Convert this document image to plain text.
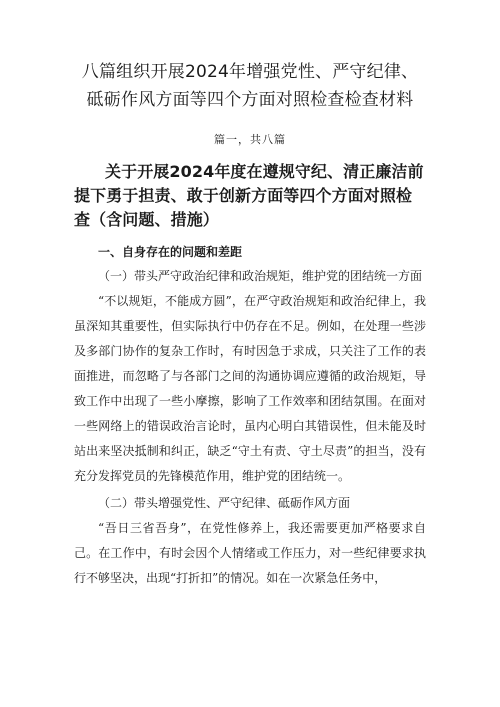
八篇组织开展2024年增强党性、严守纪律、砥砺作风方面等四个方面对照检查检查材料
篇一，共八篇
关于开展2024年度在遵规守纪、清正廉洁前提下勇于担责、敢于创新方面等四个方面对照检查（含问题、措施）
一、自身存在的问题和差距

（一）带头严守政治纪律和政治规矩，维护党的团结统一方面

“不以规矩，不能成方圆”，在严守政治规矩和政治纪律上，我虽深知其重要性，但实际执行中仍存在不足。例如，在处理一些涉及多部门协作的复杂工作时，有时因急于求成，只关注了工作的表面推进，而忽略了与各部门之间的沟通协调应遵循的政治规矩，导致工作中出现了一些小摩擦，影响了工作效率和团结氛围。在面对一些网络上的错误政治言论时，虽内心明白其错误性，但未能及时站出来坚决抵制和纠正，缺乏“守土有责、守土尽责”的担当，没有充分发挥党员的先锋模范作用，维护党的团结统一。

（二）带头增强党性、严守纪律、砥砺作风方面

“吾日三省吾身”，在党性修养上，我还需要更加严格要求自己。在工作中，有时会因个人情绪或工作压力，对一些纪律要求执行不够坚决，出现“打折扣”的情况。如在一次紧急任务中，
